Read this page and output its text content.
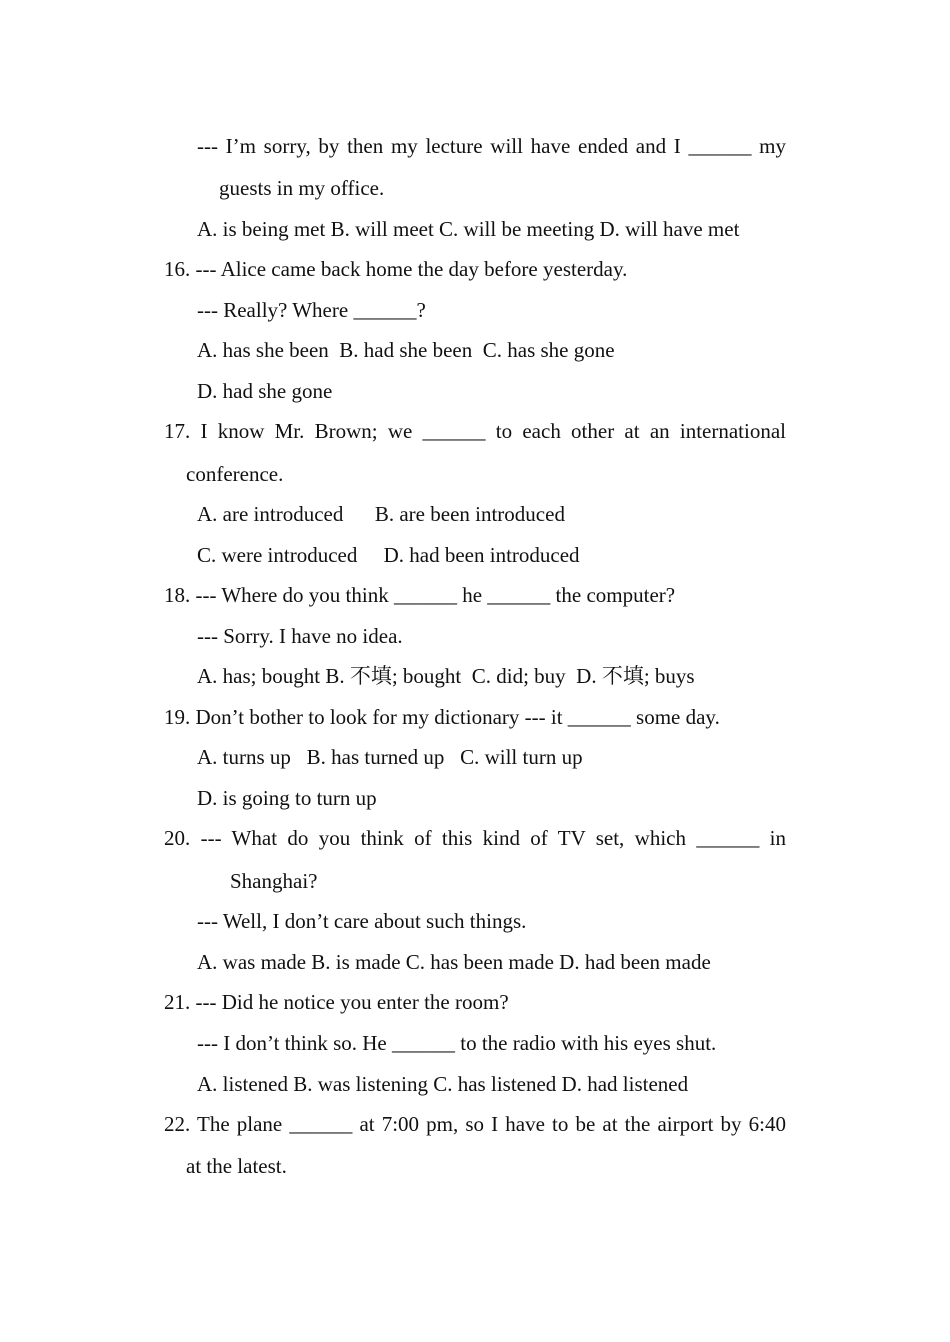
--- I’m sorry, by then my lecture will have ended and I ______ my
guests in my office.
A. is being met B. will meet C. will be meeting D. will have met
16. --- Alice came back home the day before yesterday.
--- Really? Where ______?
A. has she been  B. had she been  C. has she gone
D. had she gone
17. I know Mr. Brown; we ______ to each other at an international
conference.
A. are introduced      B. are been introduced
C. were introduced     D. had been introduced
18. --- Where do you think ______ he ______ the computer?
--- Sorry. I have no idea.
A. has; bought B. 不填; bought  C. did; buy  D. 不填; buys
19. Don’t bother to look for my dictionary --- it ______ some day.
A. turns up   B. has turned up   C. will turn up
D. is going to turn up
20. --- What do you think of this kind of TV set, which ______ in
Shanghai?
--- Well, I don’t care about such things.
A. was made B. is made C. has been made D. had been made
21. --- Did he notice you enter the room?
--- I don’t think so. He ______ to the radio with his eyes shut.
A. listened B. was listening C. has listened D. had listened
22. The plane ______ at 7:00 pm, so I have to be at the airport by 6:40
at the latest.
